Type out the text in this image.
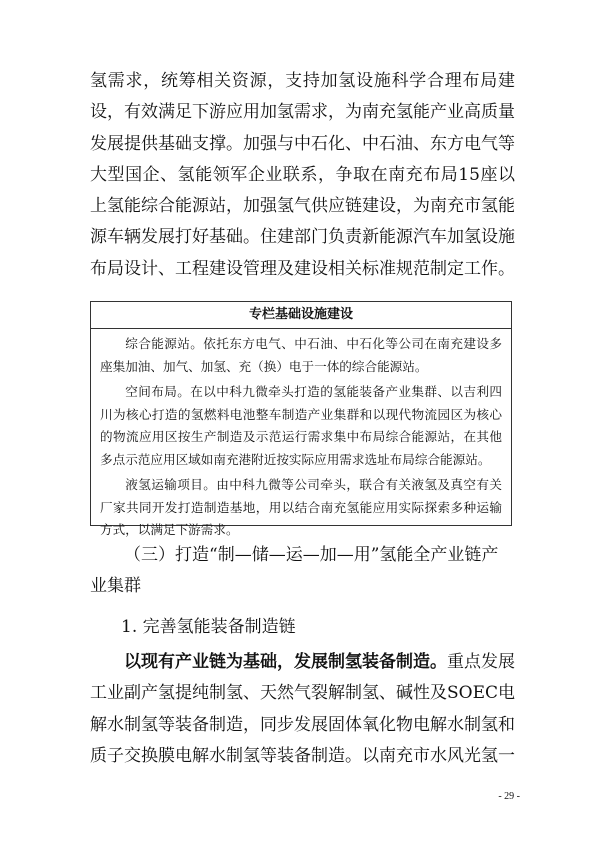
氢需求，统筹相关资源，支持加氢设施科学合理布局建设，有效满足下游应用加氢需求，为南充氢能产业高质量发展提供基础支撑。加强与中石化、中石油、东方电气等大型国企、氢能领军企业联系，争取在南充布局15座以上氢能综合能源站，加强氢气供应链建设，为南充市氢能源车辆发展打好基础。住建部门负责新能源汽车加氢设施布局设计、工程建设管理及建设相关标准规范制定工作。

专栏基础设施建设

综合能源站。依托东方电气、中石油、中石化等公司在南充建设多座集加油、加气、加氢、充（换）电于一体的综合能源站。

空间布局。在以中科九微牵头打造的氢能装备产业集群、以吉利四川为核心打造的氢燃料电池整车制造产业集群和以现代物流园区为核心的物流应用区按生产制造及示范运行需求集中布局综合能源站，在其他多点示范应用区域如南充港附近按实际应用需求选址布局综合能源站。

液氢运输项目。由中科九微等公司牵头，联合有关液氢及真空有关厂家共同开发打造制造基地，用以结合南充氢能应用实际探索多种运输方式，以满足下游需求。

（三）打造“制—储—运—加—用”氢能全产业链产业集群

1. 完善氢能装备制造链

以现有产业链为基础，发展制氢装备制造。重点发展工业副产氢提纯制氢、天然气裂解制氢、碱性及SOEC电解水制氢等装备制造，同步发展固体氧化物电解水制氢和质子交换膜电解水制氢等装备制造。以南充市水风光氢一

- 29 -
